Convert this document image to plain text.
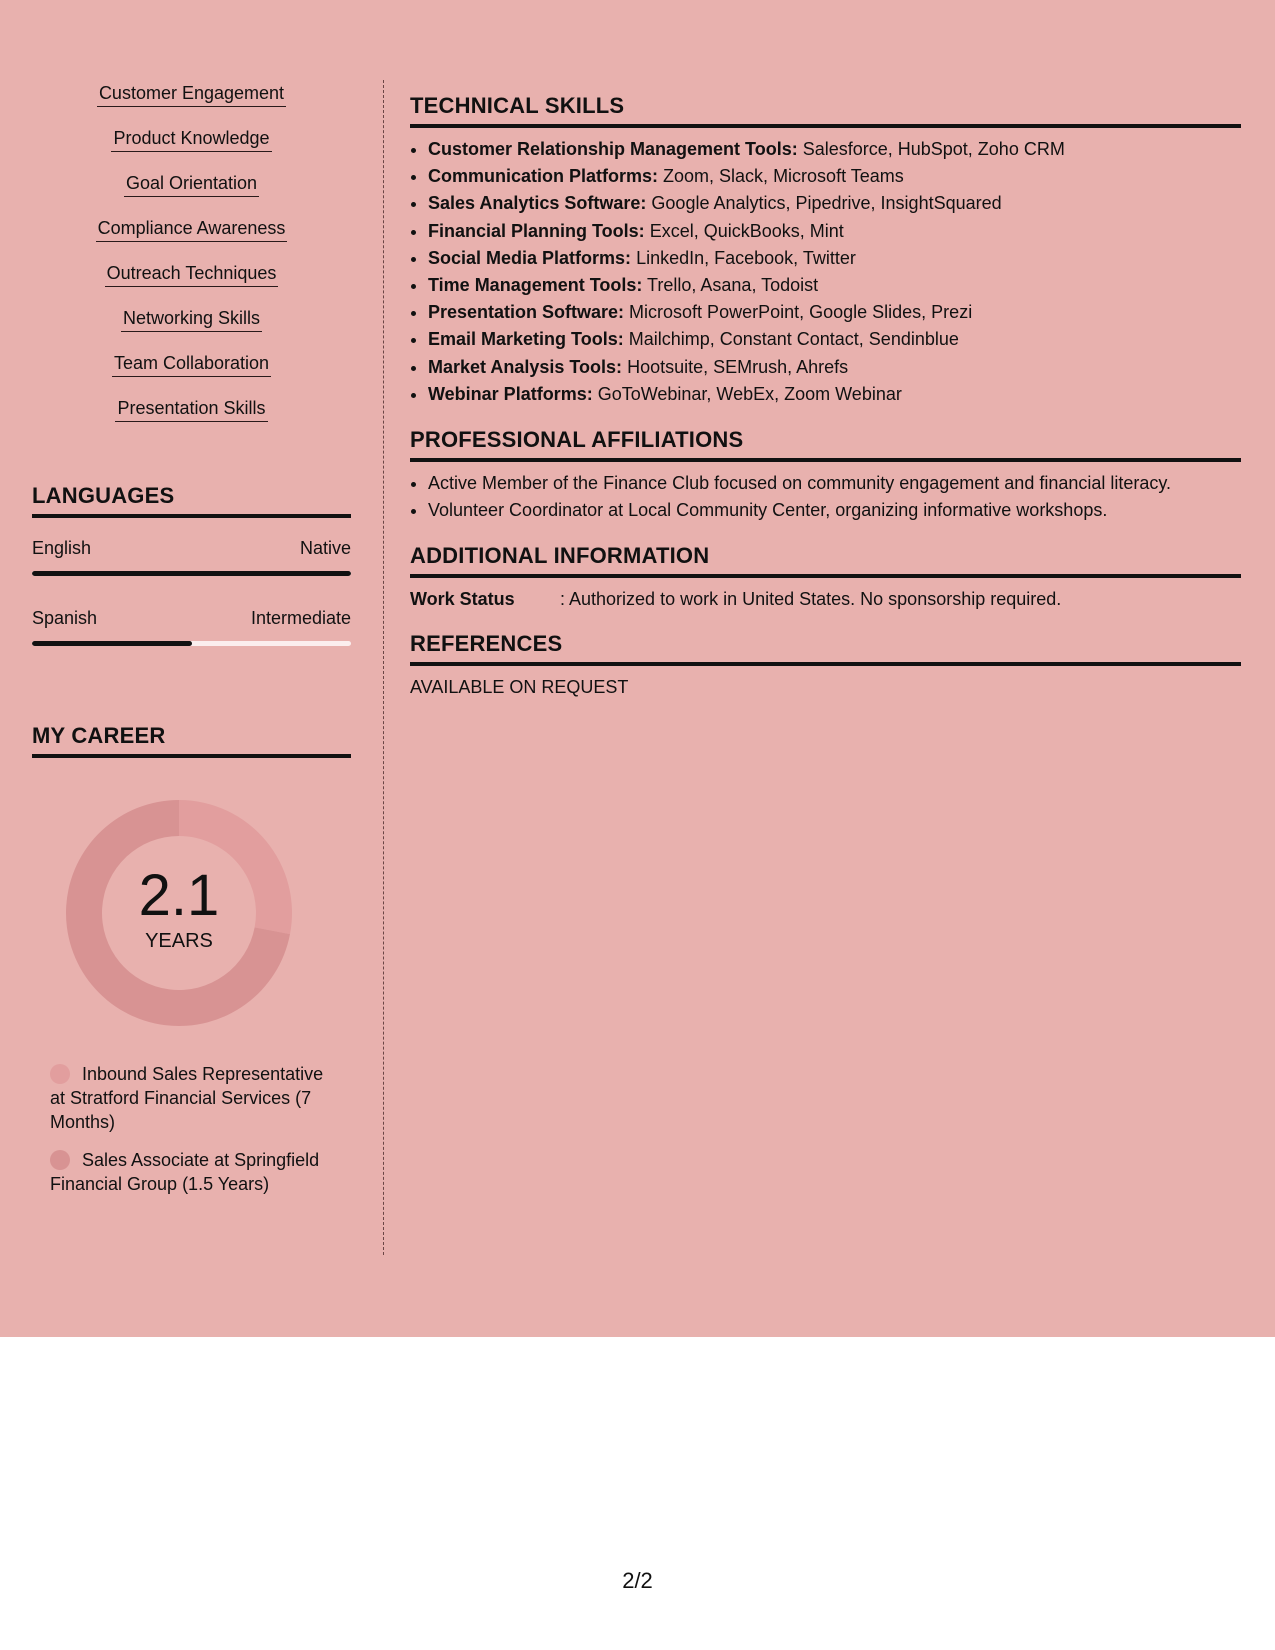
Customer Engagement
Product Knowledge
Goal Orientation
Compliance Awareness
Outreach Techniques
Networking Skills
Team Collaboration
Presentation Skills
LANGUAGES
English	Native
Spanish	Intermediate
MY CAREER
2.1
YEARS
Inbound Sales Representative at Stratford Financial Services (7 Months)
Sales Associate at Springfield Financial Group (1.5 Years)
TECHNICAL SKILLS
• Customer Relationship Management Tools: Salesforce, HubSpot, Zoho CRM
• Communication Platforms: Zoom, Slack, Microsoft Teams
• Sales Analytics Software: Google Analytics, Pipedrive, InsightSquared
• Financial Planning Tools: Excel, QuickBooks, Mint
• Social Media Platforms: LinkedIn, Facebook, Twitter
• Time Management Tools: Trello, Asana, Todoist
• Presentation Software: Microsoft PowerPoint, Google Slides, Prezi
• Email Marketing Tools: Mailchimp, Constant Contact, Sendinblue
• Market Analysis Tools: Hootsuite, SEMrush, Ahrefs
• Webinar Platforms: GoToWebinar, WebEx, Zoom Webinar
PROFESSIONAL AFFILIATIONS
• Active Member of the Finance Club focused on community engagement and financial literacy.
• Volunteer Coordinator at Local Community Center, organizing informative workshops.
ADDITIONAL INFORMATION
Work Status	: Authorized to work in United States. No sponsorship required.
REFERENCES
AVAILABLE ON REQUEST
2/2
